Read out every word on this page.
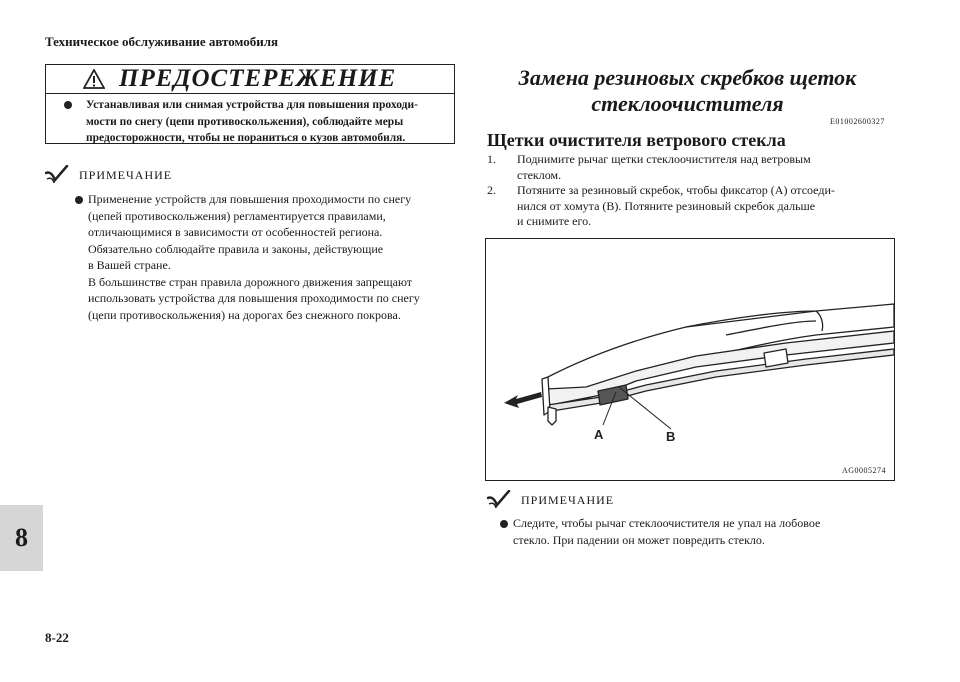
Техническое обслуживание автомобиля
ПРЕДОСТЕРЕЖЕНИЕ
Устанавливая или снимая устройства для повышения проходи-
мости по снегу (цепи противоскольжения), соблюдайте меры
предосторожности, чтобы не пораниться о кузов автомобиля.
ПРИМЕЧАНИЕ
Применение устройств для повышения проходимости по снегу
(цепей противоскольжения) регламентируется правилами,
отличающимися в зависимости от особенностей региона.
Обязательно соблюдайте правила и законы, действующие
в Вашей стране.
В большинстве стран правила дорожного движения запрещают
использовать устройства для повышения проходимости по снегу
(цепи противоскольжения) на дорогах без снежного покрова.
8
8-22
Замена резиновых скребков щеток
стеклоочистителя
E01002600327
Щетки очистителя ветрового стекла
1.	Поднимите рычаг щетки стеклоочистителя над ветровым
стеклом.
2.	Потяните за резиновый скребок, чтобы фиксатор (A) отсоеди-
нился от хомута (B). Потяните резиновый скребок дальше
и снимите его.
A	B
AG0005274
ПРИМЕЧАНИЕ
Следите, чтобы рычаг стеклоочистителя не упал на лобовое
стекло. При падении он может повредить стекло.
